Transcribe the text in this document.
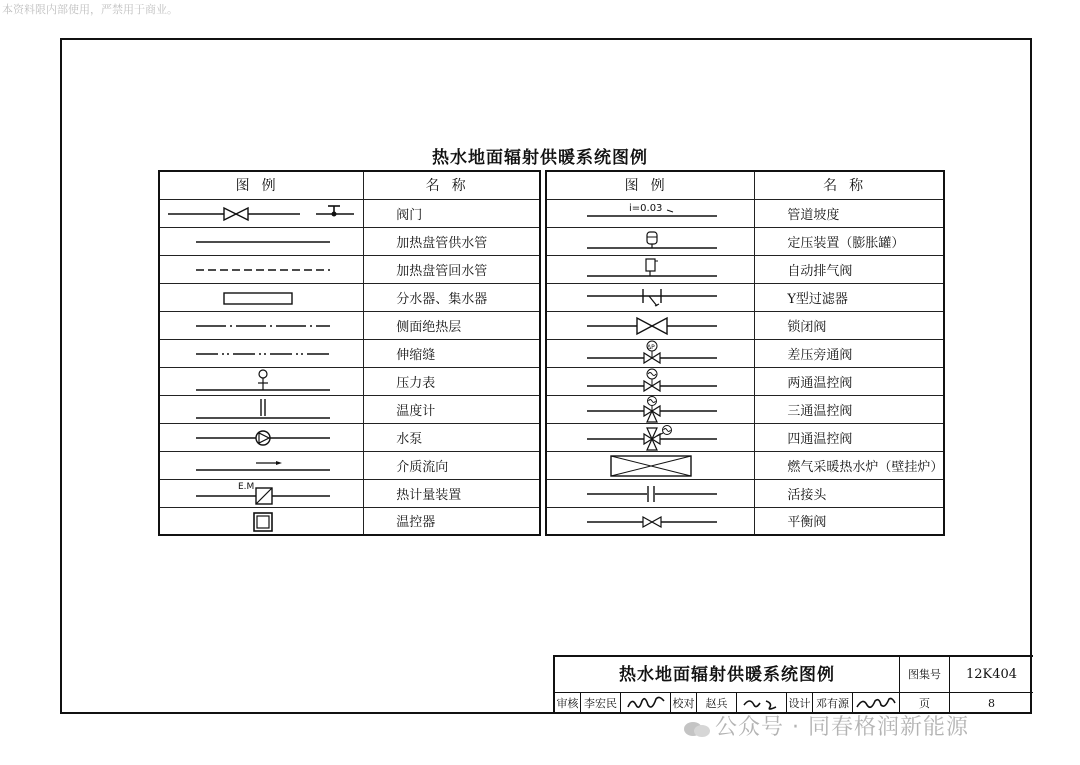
本资料限内部使用，严禁用于商业。
热水地面辐射供暖系统图例
图例	名称

	阀门

	加热盘管供水管

	加热盘管回水管

	分水器、集水器

	侧面绝热层

	伸缩缝

	压力表

	温度计

	水泵

	介质流向

E.M	热计量装置

	温控器
图例	名称

i=0.03	管道坡度

	定压装置（膨胀罐）

	自动排气阀

	Y型过滤器

	锁闭阀

ΔP	差压旁通阀

	两通温控阀

	三通温控阀

	四通温控阀

	燃气采暖热水炉（壁挂炉）

	活接头

	平衡阀
热水地面辐射供暖系统图例	图集号	12K404
审核 李宏民	校对	赵兵	设计 邓有源	页	8
公众号 · 同春格润新能源
